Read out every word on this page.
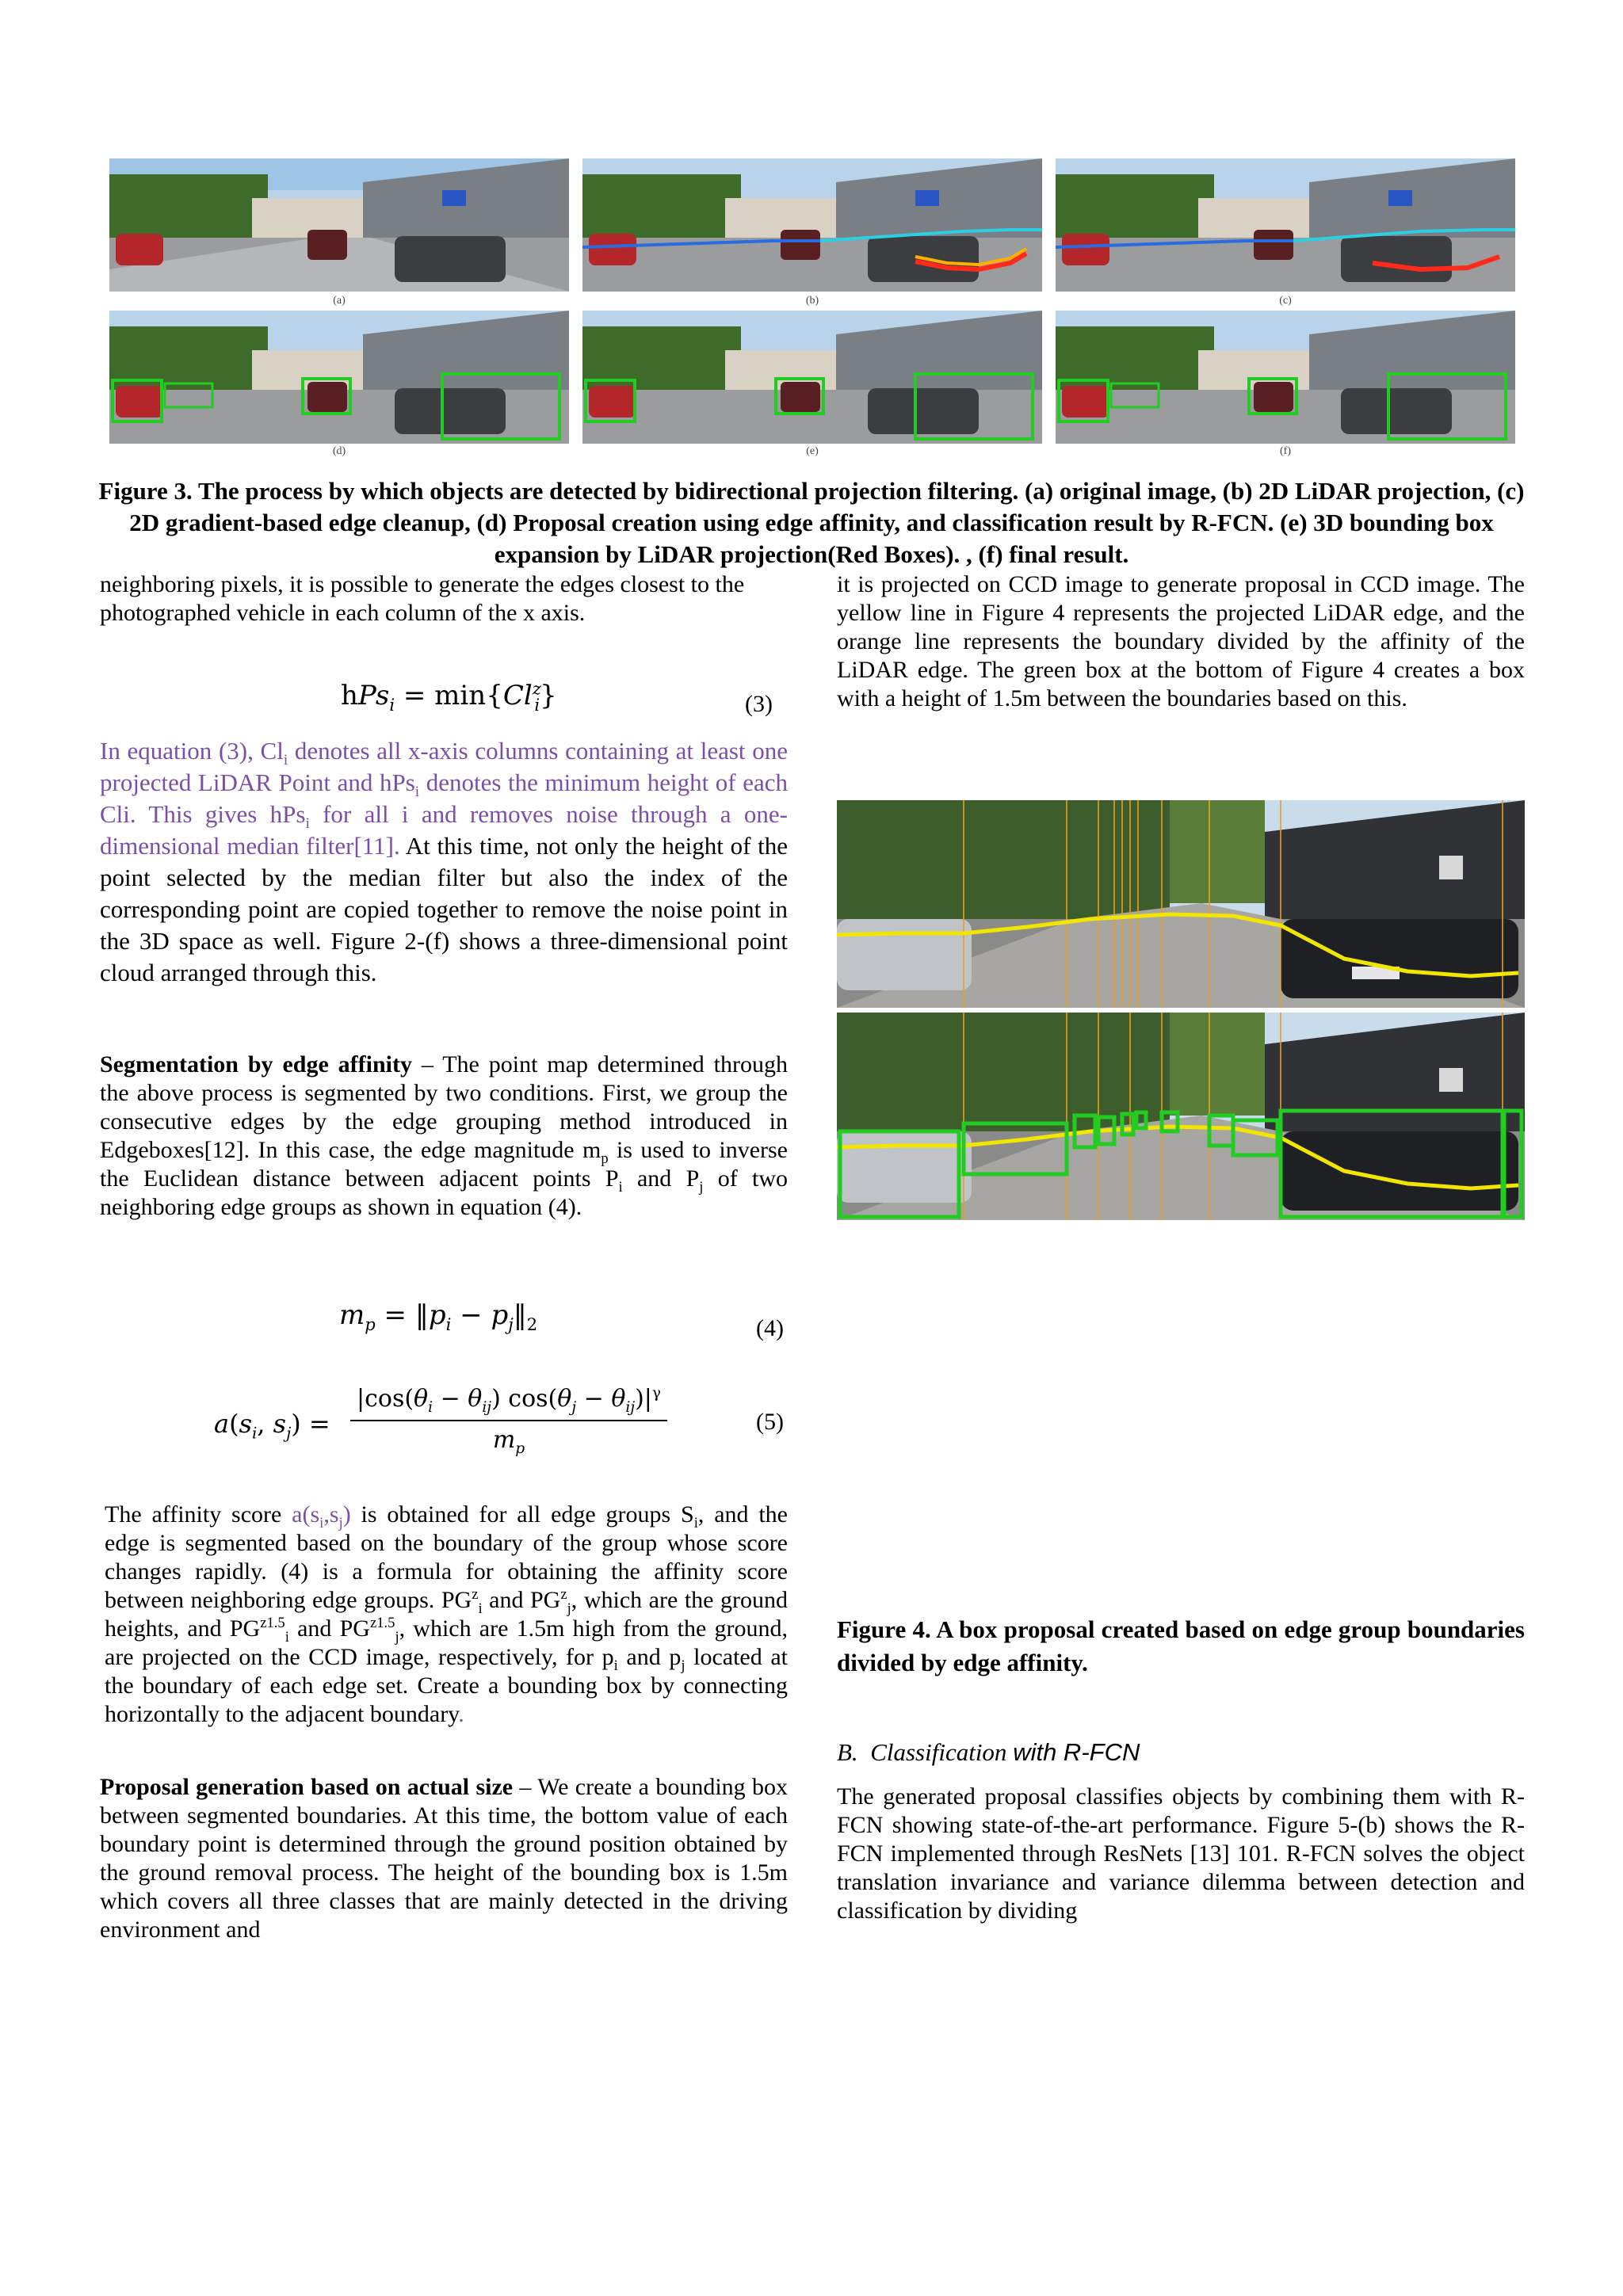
(a)	(b)	(c)
(d)	(e)	(f)
Figure 3. The process by which objects are detected by bidirectional projection filtering. (a) original image, (b) 2D LiDAR projection, (c) 2D gradient-based edge cleanup, (d) Proposal creation using edge affinity, and classification result by R-FCN. (e) 3D bounding box expansion by LiDAR projection(Red Boxes). , (f) final result.

neighboring pixels, it is possible to generate the edges closest to the photographed vehicle in each column of the x axis.

$hPs_i = \min\{Cl^z_i\}$	(3)

In equation (3), $Cl_i$ denotes all x-axis columns containing at least one projected LiDAR Point and hPs$_i$ denotes the minimum height of each Cli. This gives hPs$_i$ for all i and removes noise through a one-dimensional median filter[11]. At this time, not only the height of the point selected by the median filter but also the index of the corresponding point are copied together to remove the noise point in the 3D space as well. Figure 2-(f) shows a three-dimensional point cloud arranged through this.

Segmentation by edge affinity – The point map determined through the above process is segmented by two conditions. First, we group the consecutive edges by the edge grouping method introduced in Edgeboxes[12]. In this case, the edge magnitude $m_p$ is used to inverse the Euclidean distance between adjacent points $P_i$ and $P_j$ of two neighboring edge groups as shown in equation (4).

$m_p$ = $‖p_i$ − $p_j‖_2$	(4)
$a(s_i$, $s_j$) =
$|\cos(\theta_i - \theta_{ij}) \cos(\theta_j - \theta_{ij})|^\gamma$
$m_p$
(5)

The affinity score $a(s_i,s_j)$ is obtained for all edge groups $S_i$, and the edge is segmented based on the boundary of the group whose score changes rapidly. (4) is a formula for obtaining the affinity score between neighboring edge groups. $PG^z_i$ and $PG^z_j$, which are the ground heights, and $PG^{z1.5}_i$ and $PG^{z1.5}_j$, which are 1.5m high from the ground, are projected on the CCD image, respectively, for $p_i$ and $p_j$ located at the boundary of each edge set. Create a bounding box by connecting horizontally to the adjacent boundary.

Proposal generation based on actual size – We create a bounding box between segmented boundaries. At this time, the bottom value of each boundary point is determined through the ground position obtained by the ground removal process. The height of the bounding box is 1.5m which covers all three classes that are mainly detected in the driving environment and

it is projected on CCD image to generate proposal in CCD image. The yellow line in Figure 4 represents the projected LiDAR edge, and the orange line represents the boundary divided by the affinity of the LiDAR edge. The green box at the bottom of Figure 4 creates a box with a height of 1.5m between the boundaries based on this.

Figure 4. A box proposal created based on edge group boundaries divided by edge affinity.

B. Classification with R-FCN

The generated proposal classifies objects by combining them with R-FCN showing state-of-the-art performance. Figure 5-(b) shows the R-FCN implemented through ResNets [13] 101. R-FCN solves the object translation invariance and variance dilemma between detection and classification by dividing
